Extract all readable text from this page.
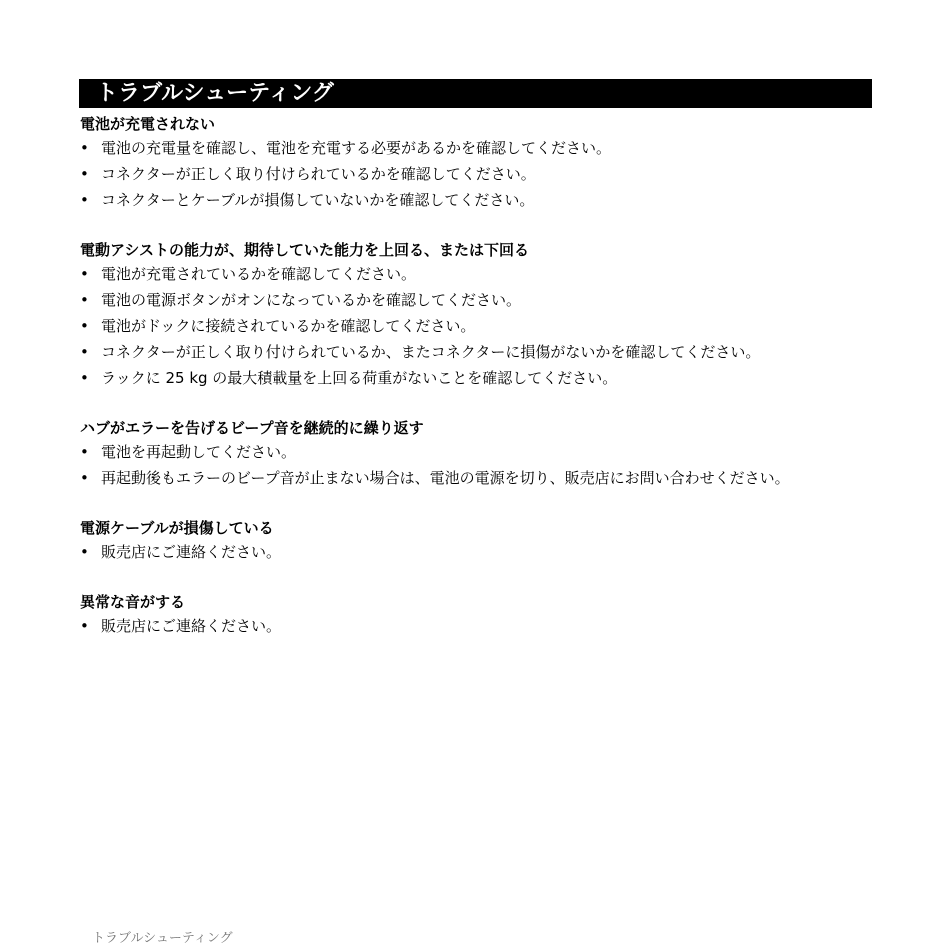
トラブルシューティング
電池が充電されない
• 電池の充電量を確認し、電池を充電する必要があるかを確認してください。
• コネクターが正しく取り付けられているかを確認してください。
• コネクターとケーブルが損傷していないかを確認してください。
電動アシストの能力が、期待していた能力を上回る、または下回る
• 電池が充電されているかを確認してください。
• 電池の電源ボタンがオンになっているかを確認してください。
• 電池がドックに接続されているかを確認してください。
• コネクターが正しく取り付けられているか、またコネクターに損傷がないかを確認してください。
• ラックに 25 kg の最大積載量を上回る荷重がないことを確認してください。
ハブがエラーを告げるビープ音を継続的に繰り返す
• 電池を再起動してください。
• 再起動後もエラーのビープ音が止まない場合は、電池の電源を切り、販売店にお問い合わせください。
電源ケーブルが損傷している
• 販売店にご連絡ください。
異常な音がする
• 販売店にご連絡ください。
トラブルシューティング
